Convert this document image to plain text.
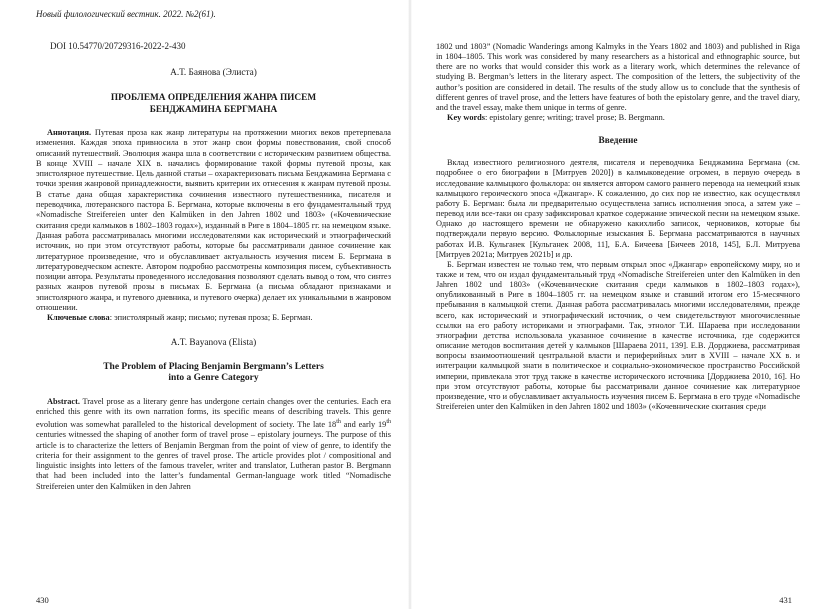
Новый филологический вестник. 2022. №2(61).
DOI 10.54770/20729316-2022-2-430
А.Т. Баянова (Элиста)
ПРОБЛЕМА ОПРЕДЕЛЕНИЯ ЖАНРА ПИСЕМ
БЕНДЖАМИНА БЕРГМАНА

Аннотация. Путевая проза как жанр литературы на протяжении многих веков претерпевала изменения. Каждая эпоха привносила в этот жанр свои формы повествования, свой способ описаний путешествий. Эволюция жанра шла в соответствии с историческим развитием общества. В конце XVIII – начале XIX в. начались формирование такой формы путевой прозы, как эпистолярное путешествие. Цель данной статьи – охарактеризовать письма Бенджамина Бергмана с точки зрения жанровой принадлежности, выявить критерии их отнесения к жанрам путевой прозы. В статье дана общая характеристика сочинения известного путешественника, писателя и переводчика, лютеранского пастора Б. Бергмана, которые включены в его фундаментальный труд «Nomadische Streifereien unter den Kalmüken in den Jahren 1802 und 1803» («Кочевнические скитания среди калмыков в 1802–1803 годах»), изданный в Риге в 1804–1805 гг. на немецком языке. Данная работа рассматривалась многими исследователями как исторический и этнографический источник, но при этом отсутствуют работы, которые бы рассматривали данное сочинение как литературное произведение, что и обуславливает актуальность изучения писем Б. Бергмана в литературоведческом аспекте. Автором подробно рассмотрены композиция писем, субъективность позиции автора. Результаты проведенного исследования позволяют сделать вывод о том, что синтез разных жанров путевой прозы в письмах Б. Бергмана (а письма обладают признаками и эпистолярного жанра, и путевого дневника, и путевого очерка) делает их уникальными в жанровом отношении.

Ключевые слова: эпистолярный жанр; письмо; путевая проза; Б. Бергман.

A.T. Bayanova (Elista)
The Problem of Placing Benjamin Bergmann’s Letters
into a Genre Category

Abstract. Travel prose as a literary genre has undergone certain changes over the centuries. Each era enriched this genre with its own narration forms, its specific means of describing travels. This genre evolution was somewhat paralleled to the historical development of society. The late 18th and early 19th centuries witnessed the shaping of another form of travel prose – epistolary journeys. The purpose of this article is to characterize the letters of Benjamin Bergman from the point of view of genre, to identify the criteria for their assignment to the genres of travel prose. The article provides plot / compositional and linguistic insights into letters of the famous traveler, writer and translator, Lutheran pastor B. Bergmann that had been included into the latter’s fundamental German-language work titled “Nomadische Streifereien unter den Kalmüken in den Jahren

430

1802 und 1803” (Nomadic Wanderings among Kalmyks in the Years 1802 and 1803) and published in Riga in 1804–1805. This work was considered by many researchers as a historical and ethnographic source, but there are no works that would consider this work as a literary work, which determines the relevance of studying B. Bergman’s letters in the literary aspect. The composition of the letters, the subjectivity of the author’s position are considered in detail. The results of the study allow us to conclude that the synthesis of different genres of travel prose, and the letters have features of both the epistolary genre, and the travel diary, and the travel essay, make them unique in terms of genre.

Key words: epistolary genre; writing; travel prose; B. Bergmann.

Введение

Вклад известного религиозного деятеля, писателя и переводчика Бенджамина Бергмана (см. подробнее о его биографии в [Митруев 2020]) в калмыковедение огромен, в первую очередь в исследование калмыцкого фольклора: он является автором самого раннего перевода на немецкий язык калмыцкого героического эпоса «Джангар». К сожалению, до сих пор не известно, как осуществлял работу Б. Бергман: была ли предварительно осуществлена запись исполнения эпоса, а затем уже – перевод или все-таки он сразу зафиксировал краткое содержание эпической песни на немецком языке. Однако до настоящего времени не обнаружено какихлибо записок, черновиков, которые бы подтверждали первую версию. Фольклорные изыскания Б. Бергмана рассматриваются в научных работах И.В. Кульганек [Кульганек 2008, 11], Б.А. Бичеева [Бичеев 2018, 145], Б.Л. Митруева [Митруев 2021а; Митруев 2021b] и др.

Б. Бергман известен не только тем, что первым открыл эпос «Джангар» европейскому миру, но и также и тем, что он издал фундаментальный труд «Nomadische Streifereien unter den Kalmüken in den Jahren 1802 und 1803» («Кочевнические скитания среди калмыков в 1802–1803 годах»), опубликованный в Риге в 1804–1805 гг. на немецком языке и ставший итогом его 15-месячного пребывания в калмыцкой степи. Данная работа рассматривалась многими исследователями, прежде всего, как исторический и этнографический источник, о чем свидетельствуют многочисленные ссылки на его работу историками и этнографами. Так, этнолог Т.И. Шараева при исследовании этнографии детства использовала указанное сочинение в качестве источника, где содержится описание методов воспитания детей у калмыков [Шараева 2011, 139]. Е.В. Дорджиева, рассматривая вопросы взаимоотношений центральной власти и периферийных элит в XVIII – начале XX в. и интеграции калмыцкой знати в политическое и социально-экономическое пространство Российской империи, привлекала этот труд также в качестве исторического источника [Дорджиева 2010, 16]. Но при этом отсутствуют работы, которые бы рассматривали данное сочинение как литературное произведение, что и обуславливает актуальность изучения писем Б. Бергмана в его труде «Nomadische Streifereien unter den Kalmüken in den Jahren 1802 und 1803» («Кочевнические скитания среди

431
